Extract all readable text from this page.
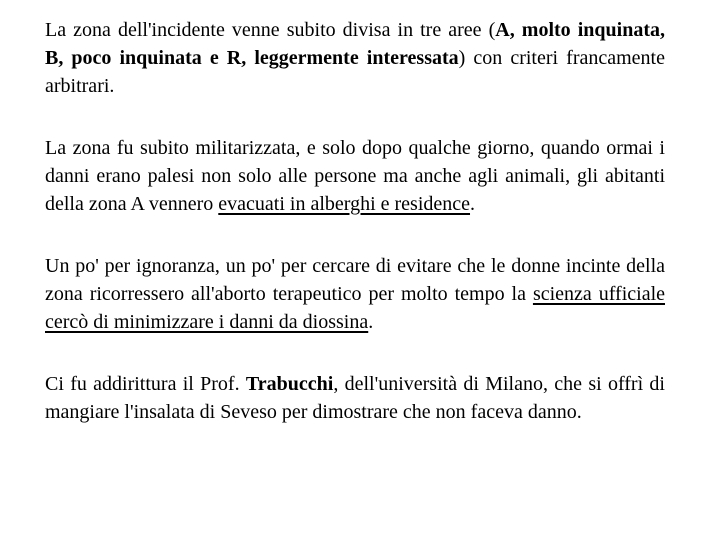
La zona dell'incidente venne subito divisa in tre aree (A, molto inquinata, B, poco inquinata e R, leggermente interessata) con criteri francamente arbitrari.

La zona fu subito militarizzata, e solo dopo qualche giorno, quando ormai i danni erano palesi non solo alle persone ma anche agli animali, gli abitanti della zona A vennero evacuati in alberghi e residence.

Un po' per ignoranza, un po' per cercare di evitare che le donne incinte della zona ricorressero all'aborto terapeutico per molto tempo la scienza ufficiale cercò di minimizzare i danni da diossina.

Ci fu addirittura il Prof. Trabucchi, dell'università di Milano, che si offrì di mangiare l'insalata di Seveso per dimostrare che non faceva danno.
